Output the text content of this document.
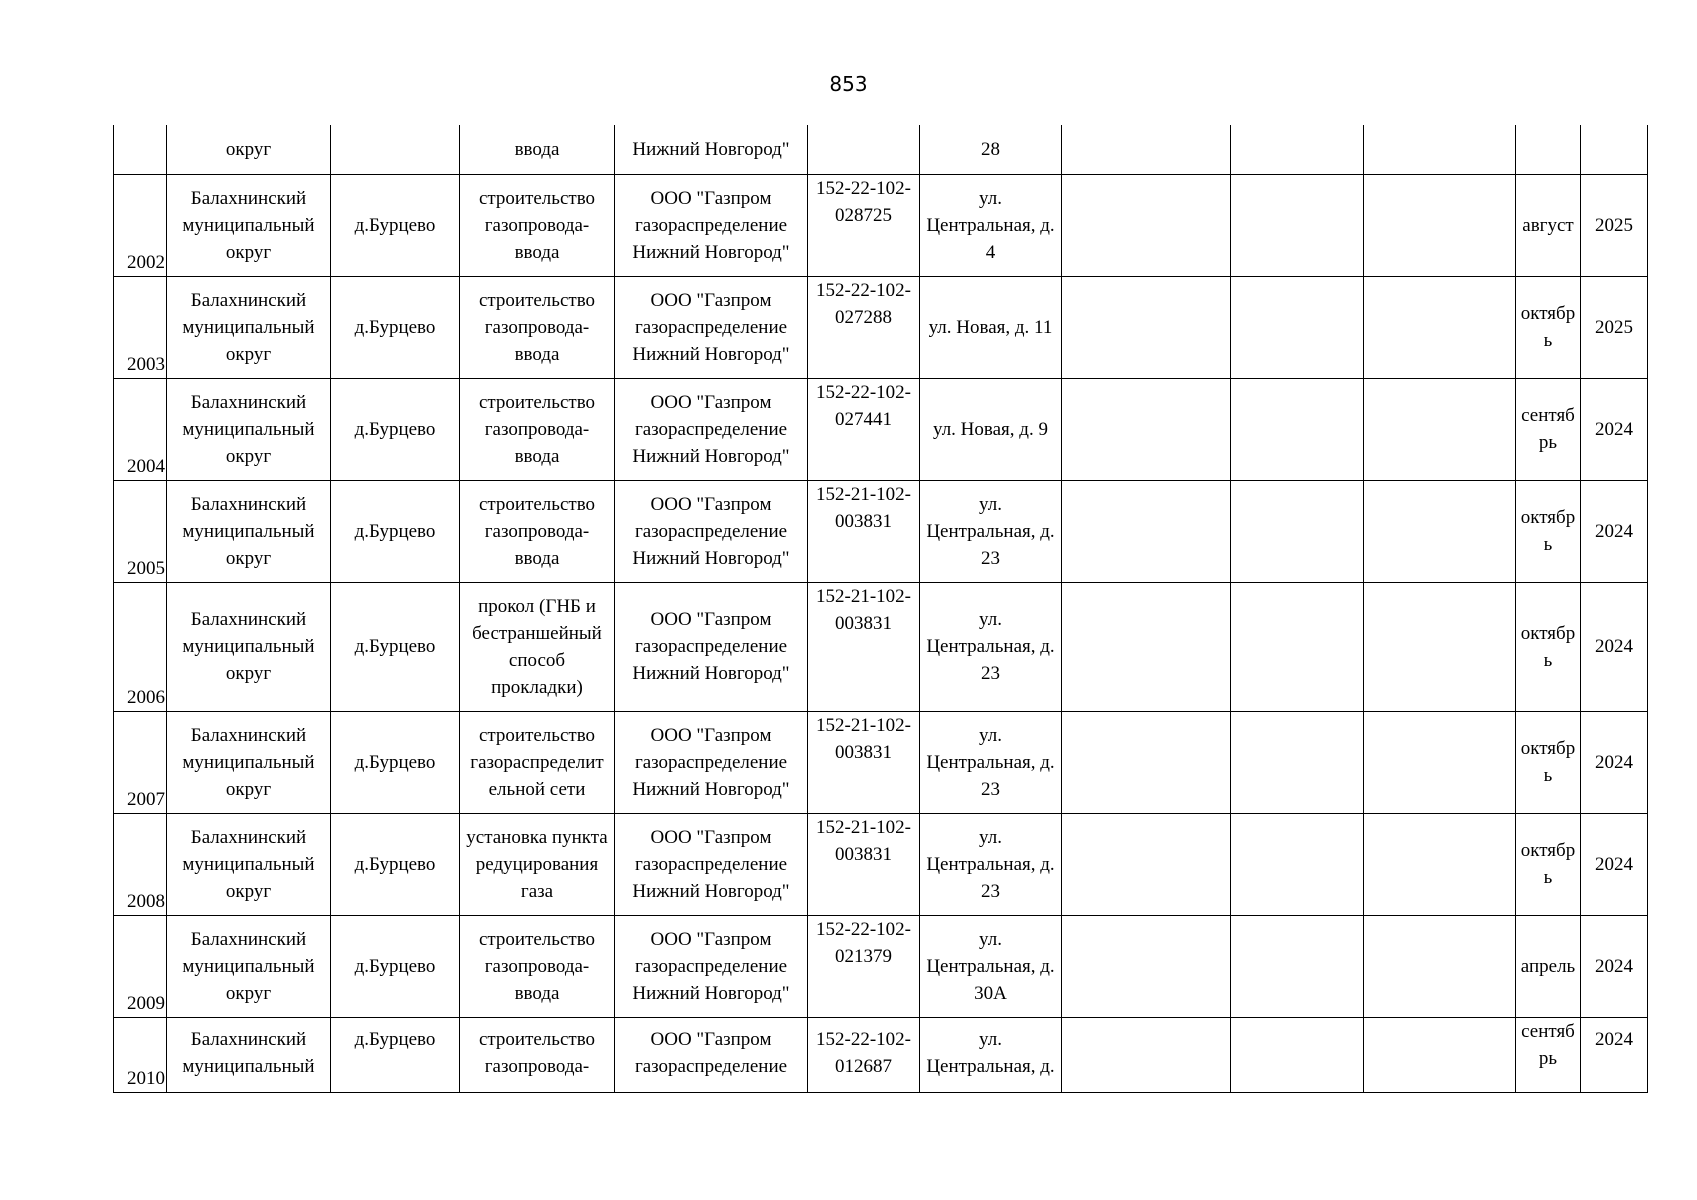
853
	округ		ввода	Нижний Новгород"		28					
2002	Балахнинский
муниципальный
округ	д.Бурцево	строительство
газопровода-
ввода	ООО "Газпром
газораспределение
Нижний Новгород"	152-22-102-
028725	ул.
Центральная, д.
4				август	2025
2003	Балахнинский
муниципальный
округ	д.Бурцево	строительство
газопровода-
ввода	ООО "Газпром
газораспределение
Нижний Новгород"	152-22-102-
027288	ул. Новая, д. 11				октябр
ь	2025
2004	Балахнинский
муниципальный
округ	д.Бурцево	строительство
газопровода-
ввода	ООО "Газпром
газораспределение
Нижний Новгород"	152-22-102-
027441	ул. Новая, д. 9				сентяб
рь	2024
2005	Балахнинский
муниципальный
округ	д.Бурцево	строительство
газопровода-
ввода	ООО "Газпром
газораспределение
Нижний Новгород"	152-21-102-
003831	ул.
Центральная, д.
23				октябр
ь	2024
2006	Балахнинский
муниципальный
округ	д.Бурцево	прокол (ГНБ и
бестраншейный
способ
прокладки)	ООО "Газпром
газораспределение
Нижний Новгород"	152-21-102-
003831	ул.
Центральная, д.
23				октябр
ь	2024
2007	Балахнинский
муниципальный
округ	д.Бурцево	строительство
газораспределит
ельной сети	ООО "Газпром
газораспределение
Нижний Новгород"	152-21-102-
003831	ул.
Центральная, д.
23				октябр
ь	2024
2008	Балахнинский
муниципальный
округ	д.Бурцево	установка пункта
редуцирования
газа	ООО "Газпром
газораспределение
Нижний Новгород"	152-21-102-
003831	ул.
Центральная, д.
23				октябр
ь	2024
2009	Балахнинский
муниципальный
округ	д.Бурцево	строительство
газопровода-
ввода	ООО "Газпром
газораспределение
Нижний Новгород"	152-22-102-
021379	ул.
Центральная, д.
30А				апрель	2024
2010	Балахнинский
муниципальный	д.Бурцево	строительство
газопровода-	ООО "Газпром
газораспределение	152-22-102-
012687	ул.
Центральная, д.				сентяб
рь	2024
